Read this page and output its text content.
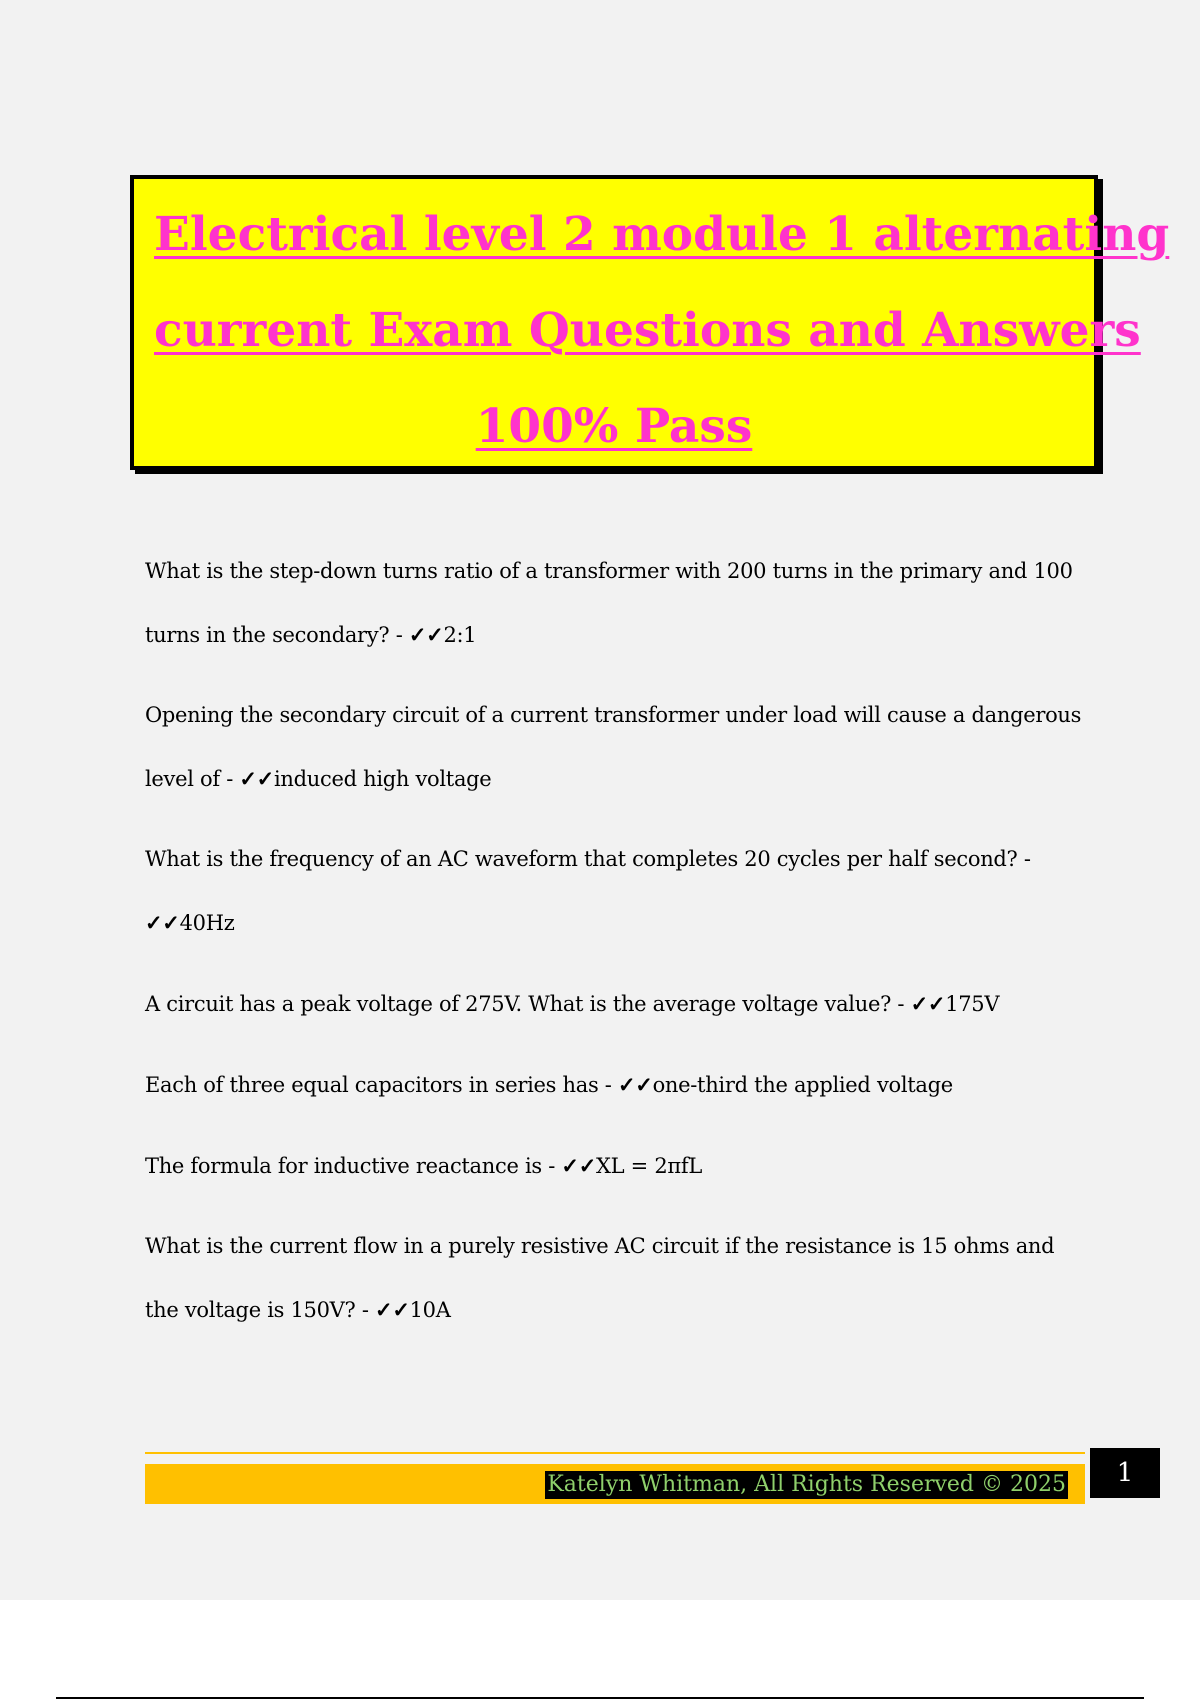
Electrical level 2 module 1 alternating
current Exam Questions and Answers
100% Pass

What is the step-down turns ratio of a transformer with 200 turns in the primary and 100 turns in the secondary? - ✓✓2:1

Opening the secondary circuit of a current transformer under load will cause a dangerous level of - ✓✓induced high voltage

What is the frequency of an AC waveform that completes 20 cycles per half second? -
✓✓40Hz

A circuit has a peak voltage of 275V. What is the average voltage value? - ✓✓175V

Each of three equal capacitors in series has - ✓✓one-third the applied voltage

The formula for inductive reactance is - ✓✓XL = 2πfL

What is the current flow in a purely resistive AC circuit if the resistance is 15 ohms and the voltage is 150V? - ✓✓10A

Katelyn Whitman, All Rights Reserved © 2025	1
